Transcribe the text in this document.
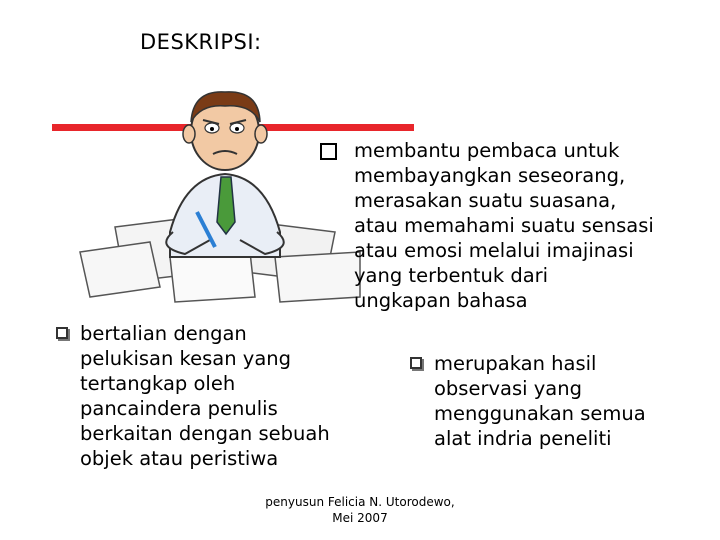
DESKRIPSI:
membantu pembaca untuk
membayangkan seseorang,
merasakan suatu suasana,
atau memahami suatu sensasi
atau emosi melalui imajinasi
yang terbentuk dari
ungkapan bahasa
bertalian dengan
pelukisan kesan yang
tertangkap oleh
pancaindera penulis
berkaitan dengan sebuah
objek atau peristiwa
merupakan hasil
observasi yang
menggunakan semua
alat indria peneliti
penyusun Felicia N. Utorodewo,
Mei 2007
